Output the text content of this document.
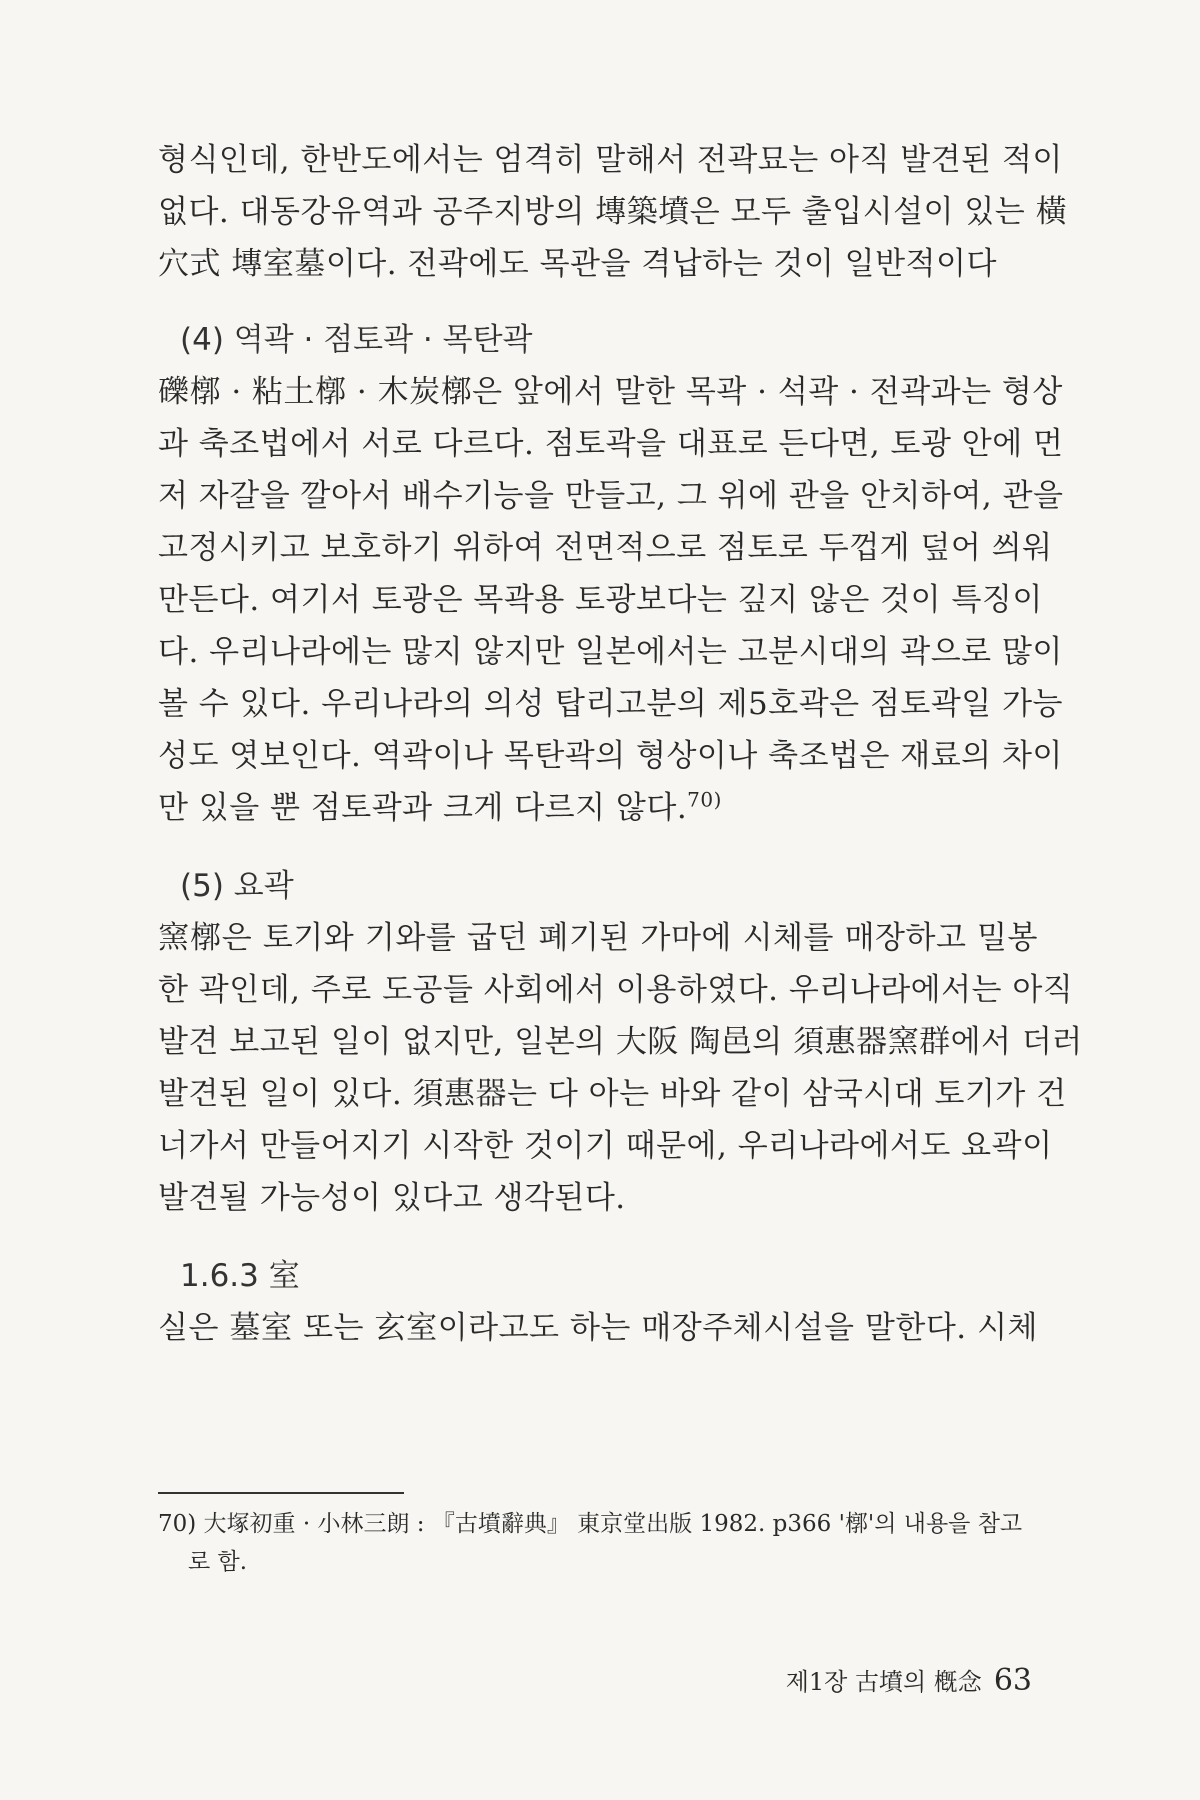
형식인데, 한반도에서는 엄격히 말해서 전곽묘는 아직 발견된 적이
없다. 대동강유역과 공주지방의 塼築墳은 모두 출입시설이 있는 橫
穴式 塼室墓이다. 전곽에도 목관을 격납하는 것이 일반적이다
(4) 역곽 · 점토곽 · 목탄곽
礫槨 · 粘土槨 · 木炭槨은 앞에서 말한 목곽 · 석곽 · 전곽과는 형상
과 축조법에서 서로 다르다. 점토곽을 대표로 든다면, 토광 안에 먼
저 자갈을 깔아서 배수기능을 만들고, 그 위에 관을 안치하여, 관을
고정시키고 보호하기 위하여 전면적으로 점토로 두껍게 덮어 씌워
만든다. 여기서 토광은 목곽용 토광보다는 깊지 않은 것이 특징이
다. 우리나라에는 많지 않지만 일본에서는 고분시대의 곽으로 많이
볼 수 있다. 우리나라의 의성 탑리고분의 제5호곽은 점토곽일 가능
성도 엿보인다. 역곽이나 목탄곽의 형상이나 축조법은 재료의 차이
만 있을 뿐 점토곽과 크게 다르지 않다.$^{70)}$
(5) 요곽
窯槨은 토기와 기와를 굽던 폐기된 가마에 시체를 매장하고 밀봉
한 곽인데, 주로 도공들 사회에서 이용하였다. 우리나라에서는 아직
발견 보고된 일이 없지만, 일본의 大阪 陶邑의 須惠器窯群에서 더러
발견된 일이 있다. 須惠器는 다 아는 바와 같이 삼국시대 토기가 건
너가서 만들어지기 시작한 것이기 때문에, 우리나라에서도 요곽이
발견될 가능성이 있다고 생각된다.
1.6.3 室
실은 墓室 또는 玄室이라고도 하는 매장주체시설을 말한다. 시체
70) 大塚初重 · 小林三朗 : 『古墳辭典』 東京堂出版 1982. p366 '槨'의 내용을 참고
로 함.
제1장 古墳의 槪念 63
